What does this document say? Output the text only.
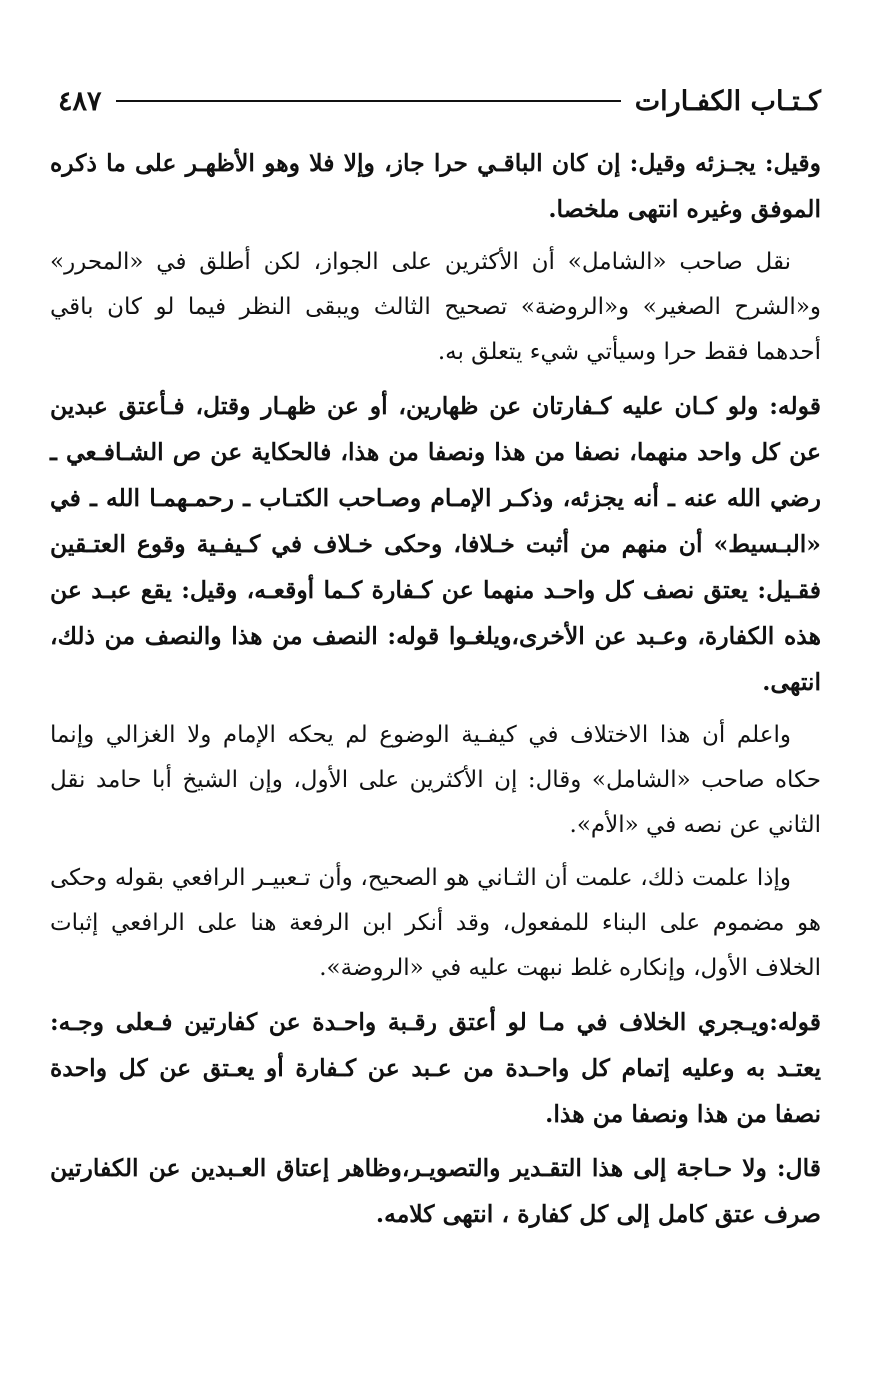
كـتـاب الكفـارات
٤٨٧

وقيل: يجـزئه وقيل: إن كان الباقـي حرا جاز، وإلا فلا وهو الأظهـر على ما ذكره الموفق وغيره انتهى ملخصا.

نقل صاحب «الشامل» أن الأكثرين على الجواز، لكن أطلق في «المحرر» و«الشرح الصغير» و«الروضة» تصحيح الثالث ويبقى النظر فيما لو كان باقي أحدهما فقط حرا وسيأتي شيء يتعلق به.

قوله: ولو كـان عليه كـفارتان عن ظهارين، أو عن ظهـار وقتل، فـأعتق عبدين عن كل واحد منهما، نصفا من هذا ونصفا من هذا، فالحكاية عن ص الشـافـعي ـ رضي الله عنه ـ أنه يجزئه، وذكـر الإمـام وصـاحب الكتـاب ـ رحمـهمـا الله ـ في «البـسيط» أن منهم من أثبت خـلافا، وحكى خـلاف في كـيفـية وقوع العتـقين فقـيل: يعتق نصف كل واحـد منهما عن كـفارة كـما أوقعـه، وقيل: يقع عبـد عن هذه الكفارة، وعـبد عن الأخرى،ويلغـوا قوله: النصف من هذا والنصف من ذلك، انتهى.

واعلم أن هذا الاختلاف في كيفـية الوضوع لم يحكه الإمام ولا الغزالي وإنما حكاه صاحب «الشامل» وقال: إن الأكثرين على الأول، وإن الشيخ أبا حامد نقل الثاني عن نصه في «الأم».

وإذا علمت ذلك، علمت أن الثـاني هو الصحيح، وأن تـعبيـر الرافعي بقوله وحكى هو مضموم على البناء للمفعول، وقد أنكر ابن الرفعة هنا على الرافعي إثبات الخلاف الأول، وإنكاره غلط نبهت عليه في «الروضة».

قوله:ويـجري الخلاف في مـا لو أعتق رقـبة واحـدة عن كفارتين فـعلى وجـه: يعتـد به وعليه إتمام كل واحـدة من عـبد عن كـفارة أو يعـتق عن كل واحدة نصفا من هذا ونصفا من هذا.

قال: ولا حـاجة إلى هذا التقـدير والتصويـر،وظاهر إعتاق العـبدين عن الكفارتين صرف عتق كامل إلى كل كفارة ، انتهى كلامه.
